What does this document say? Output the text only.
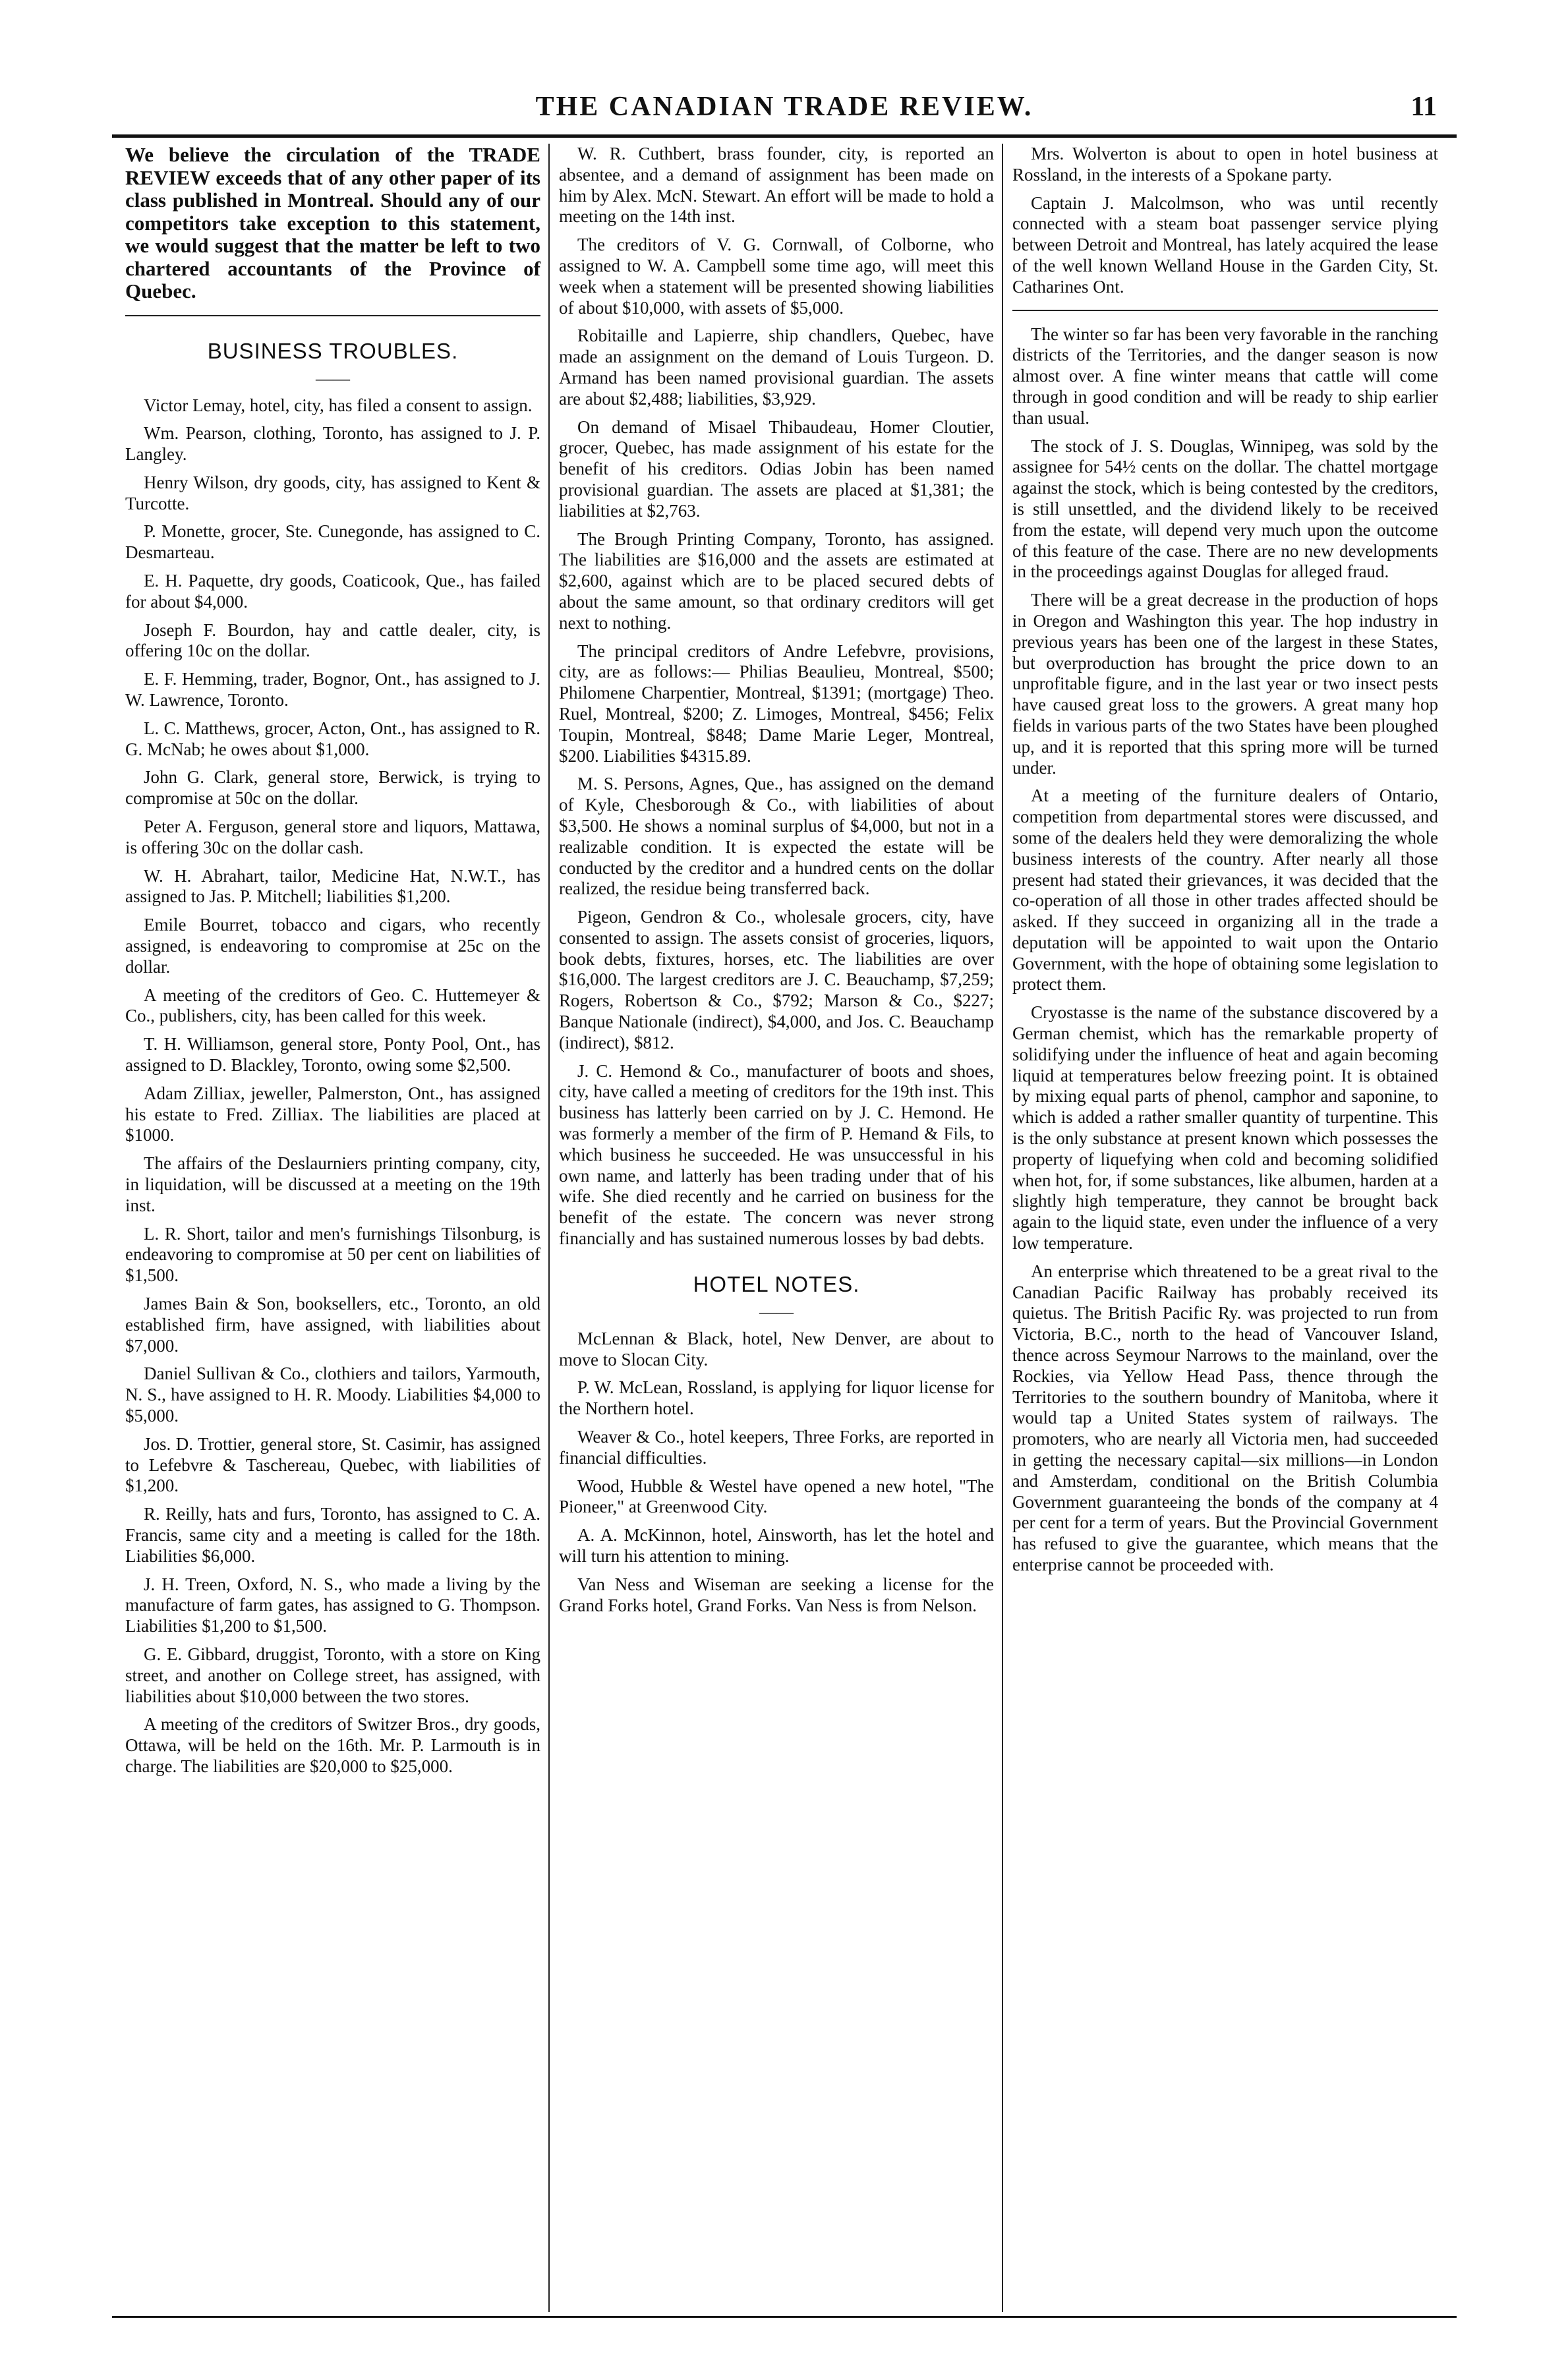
THE CANADIAN TRADE REVIEW.	11

We believe the circulation of the TRADE REVIEW exceeds that of any other paper of its class published in Montreal. Should any of our competitors take exception to this statement, we would suggest that the matter be left to two chartered accountants of the Province of Quebec.

BUSINESS TROUBLES.
——

Victor Lemay, hotel, city, has filed a consent to assign.

Wm. Pearson, clothing, Toronto, has assigned to J. P. Langley.

Henry Wilson, dry goods, city, has assigned to Kent & Turcotte.

P. Monette, grocer, Ste. Cunegonde, has assigned to C. Desmarteau.

E. H. Paquette, dry goods, Coaticook, Que., has failed for about $4,000.

Joseph F. Bourdon, hay and cattle dealer, city, is offering 10c on the dollar.

E. F. Hemming, trader, Bognor, Ont., has assigned to J. W. Lawrence, Toronto.

L. C. Matthews, grocer, Acton, Ont., has assigned to R. G. McNab; he owes about $1,000.

John G. Clark, general store, Berwick, is trying to compromise at 50c on the dollar.

Peter A. Ferguson, general store and liquors, Mattawa, is offering 30c on the dollar cash.

W. H. Abrahart, tailor, Medicine Hat, N.W.T., has assigned to Jas. P. Mitchell; liabilities $1,200.

Emile Bourret, tobacco and cigars, who recently assigned, is endeavoring to compromise at 25c on the dollar.

A meeting of the creditors of Geo. C. Huttemeyer & Co., publishers, city, has been called for this week.

T. H. Williamson, general store, Ponty Pool, Ont., has assigned to D. Blackley, Toronto, owing some $2,500.

Adam Zilliax, jeweller, Palmerston, Ont., has assigned his estate to Fred. Zilliax. The liabilities are placed at $1000.

The affairs of the Deslaurniers printing company, city, in liquidation, will be discussed at a meeting on the 19th inst.

L. R. Short, tailor and men's furnishings Tilsonburg, is endeavoring to compromise at 50 per cent on liabilities of $1,500.

James Bain & Son, booksellers, etc., Toronto, an old established firm, have assigned, with liabilities about $7,000.

Daniel Sullivan & Co., clothiers and tailors, Yarmouth, N. S., have assigned to H. R. Moody. Liabilities $4,000 to $5,000.

Jos. D. Trottier, general store, St. Casimir, has assigned to Lefebvre & Taschereau, Quebec, with liabilities of $1,200.

R. Reilly, hats and furs, Toronto, has assigned to C. A. Francis, same city and a meeting is called for the 18th. Liabilities $6,000.

J. H. Treen, Oxford, N. S., who made a living by the manufacture of farm gates, has assigned to G. Thompson. Liabilities $1,200 to $1,500.

G. E. Gibbard, druggist, Toronto, with a store on King street, and another on College street, has assigned, with liabilities about $10,000 between the two stores.

A meeting of the creditors of Switzer Bros., dry goods, Ottawa, will be held on the 16th. Mr. P. Larmouth is in charge. The liabilities are $20,000 to $25,000.

W. R. Cuthbert, brass founder, city, is reported an absentee, and a demand of assignment has been made on him by Alex. McN. Stewart. An effort will be made to hold a meeting on the 14th inst.

The creditors of V. G. Cornwall, of Colborne, who assigned to W. A. Campbell some time ago, will meet this week when a statement will be presented showing liabilities of about $10,000, with assets of $5,000.

Robitaille and Lapierre, ship chandlers, Quebec, have made an assignment on the demand of Louis Turgeon. D. Armand has been named provisional guardian. The assets are about $2,488; liabilities, $3,929.

On demand of Misael Thibaudeau, Homer Cloutier, grocer, Quebec, has made assignment of his estate for the benefit of his creditors. Odias Jobin has been named provisional guardian. The assets are placed at $1,381; the liabilities at $2,763.

The Brough Printing Company, Toronto, has assigned. The liabilities are $16,000 and the assets are estimated at $2,600, against which are to be placed secured debts of about the same amount, so that ordinary creditors will get next to nothing.

The principal creditors of Andre Lefebvre, provisions, city, are as follows:— Philias Beaulieu, Montreal, $500; Philomene Charpentier, Montreal, $1391; (mortgage) Theo. Ruel, Montreal, $200; Z. Limoges, Montreal, $456; Felix Toupin, Montreal, $848; Dame Marie Leger, Montreal, $200. Liabilities $4315.89.

M. S. Persons, Agnes, Que., has assigned on the demand of Kyle, Chesborough & Co., with liabilities of about $3,500. He shows a nominal surplus of $4,000, but not in a realizable condition. It is expected the estate will be conducted by the creditor and a hundred cents on the dollar realized, the residue being transferred back.

Pigeon, Gendron & Co., wholesale grocers, city, have consented to assign. The assets consist of groceries, liquors, book debts, fixtures, horses, etc. The liabilities are over $16,000. The largest creditors are J. C. Beauchamp, $7,259; Rogers, Robertson & Co., $792; Marson & Co., $227; Banque Nationale (indirect), $4,000, and Jos. C. Beauchamp (indirect), $812.

J. C. Hemond & Co., manufacturer of boots and shoes, city, have called a meeting of creditors for the 19th inst. This business has latterly been carried on by J. C. Hemond. He was formerly a member of the firm of P. Hemand & Fils, to which business he succeeded. He was unsuccessful in his own name, and latterly has been trading under that of his wife. She died recently and he carried on business for the benefit of the estate. The concern was never strong financially and has sustained numerous losses by bad debts.

HOTEL NOTES.
——

McLennan & Black, hotel, New Denver, are about to move to Slocan City.

P. W. McLean, Rossland, is applying for liquor license for the Northern hotel.

Weaver & Co., hotel keepers, Three Forks, are reported in financial difficulties.

Wood, Hubble & Westel have opened a new hotel, "The Pioneer," at Greenwood City.

A. A. McKinnon, hotel, Ainsworth, has let the hotel and will turn his attention to mining.

Van Ness and Wiseman are seeking a license for the Grand Forks hotel, Grand Forks. Van Ness is from Nelson.

Mrs. Wolverton is about to open in hotel business at Rossland, in the interests of a Spokane party.

Captain J. Malcolmson, who was until recently connected with a steam boat passenger service plying between Detroit and Montreal, has lately acquired the lease of the well known Welland House in the Garden City, St. Catharines Ont.

The winter so far has been very favorable in the ranching districts of the Territories, and the danger season is now almost over. A fine winter means that cattle will come through in good condition and will be ready to ship earlier than usual.

The stock of J. S. Douglas, Winnipeg, was sold by the assignee for 54½ cents on the dollar. The chattel mortgage against the stock, which is being contested by the creditors, is still unsettled, and the dividend likely to be received from the estate, will depend very much upon the outcome of this feature of the case. There are no new developments in the proceedings against Douglas for alleged fraud.

There will be a great decrease in the production of hops in Oregon and Washington this year. The hop industry in previous years has been one of the largest in these States, but overproduction has brought the price down to an unprofitable figure, and in the last year or two insect pests have caused great loss to the growers. A great many hop fields in various parts of the two States have been ploughed up, and it is reported that this spring more will be turned under.

At a meeting of the furniture dealers of Ontario, competition from departmental stores were discussed, and some of the dealers held they were demoralizing the whole business interests of the country. After nearly all those present had stated their grievances, it was decided that the co-operation of all those in other trades affected should be asked. If they succeed in organizing all in the trade a deputation will be appointed to wait upon the Ontario Government, with the hope of obtaining some legislation to protect them.

Cryostasse is the name of the substance discovered by a German chemist, which has the remarkable property of solidifying under the influence of heat and again becoming liquid at temperatures below freezing point. It is obtained by mixing equal parts of phenol, camphor and saponine, to which is added a rather smaller quantity of turpentine. This is the only substance at present known which possesses the property of liquefying when cold and becoming solidified when hot, for, if some substances, like albumen, harden at a slightly high temperature, they cannot be brought back again to the liquid state, even under the influence of a very low temperature.

An enterprise which threatened to be a great rival to the Canadian Pacific Railway has probably received its quietus. The British Pacific Ry. was projected to run from Victoria, B.C., north to the head of Vancouver Island, thence across Seymour Narrows to the mainland, over the Rockies, via Yellow Head Pass, thence through the Territories to the southern boundry of Manitoba, where it would tap a United States system of railways. The promoters, who are nearly all Victoria men, had succeeded in getting the necessary capital—six millions—in London and Amsterdam, conditional on the British Columbia Government guaranteeing the bonds of the company at 4 per cent for a term of years. But the Provincial Government has refused to give the guarantee, which means that the enterprise cannot be proceeded with.
